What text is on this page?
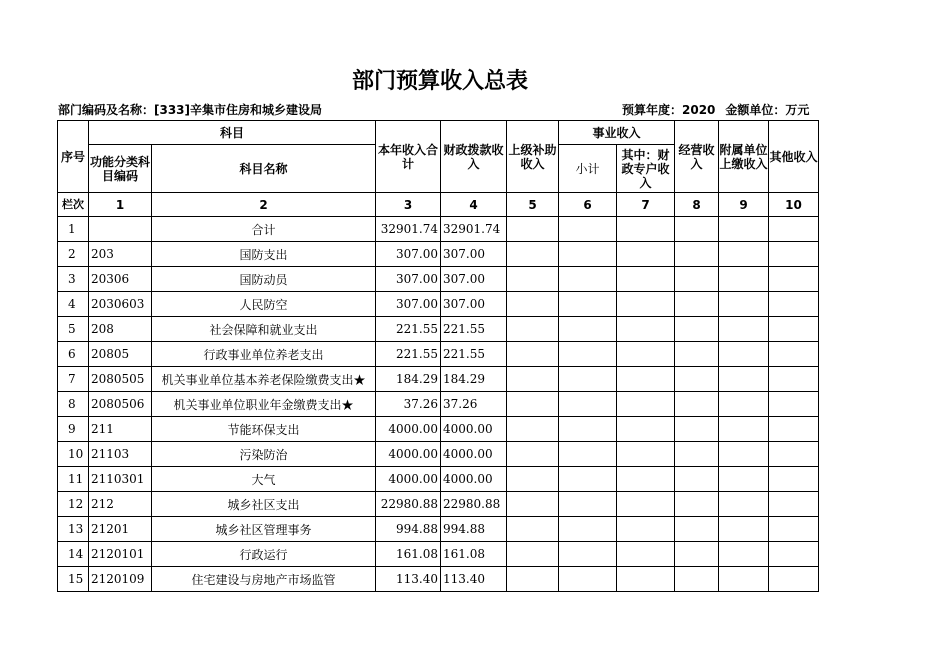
部门预算收入总表
部门编码及名称：[333]辛集市住房和城乡建设局	预算年度：2020 金额单位：万元
序号	科目		本年收入合计	财政拨款收入	上级补助收入	事业收入		经营收入	附属单位上缴收入	其他收入
	功能分类科目编码	科目名称				小计	其中：财政专户收入			
栏次	1	2	3	4	5	6	7	8	9	10
1		合计	32901.74	32901.74						
2	203	国防支出	307.00	307.00						
3	20306	国防动员	307.00	307.00						
4	2030603	人民防空	307.00	307.00						
5	208	社会保障和就业支出	221.55	221.55						
6	20805	行政事业单位养老支出	221.55	221.55						
7	2080505	机关事业单位基本养老保险缴费支出★	184.29	184.29						
8	2080506	机关事业单位职业年金缴费支出★	37.26	37.26						
9	211	节能环保支出	4000.00	4000.00						
10	21103	污染防治	4000.00	4000.00						
11	2110301	大气	4000.00	4000.00						
12	212	城乡社区支出	22980.88	22980.88						
13	21201	城乡社区管理事务	994.88	994.88						
14	2120101	行政运行	161.08	161.08						
15	2120109	住宅建设与房地产市场监管	113.40	113.40						
